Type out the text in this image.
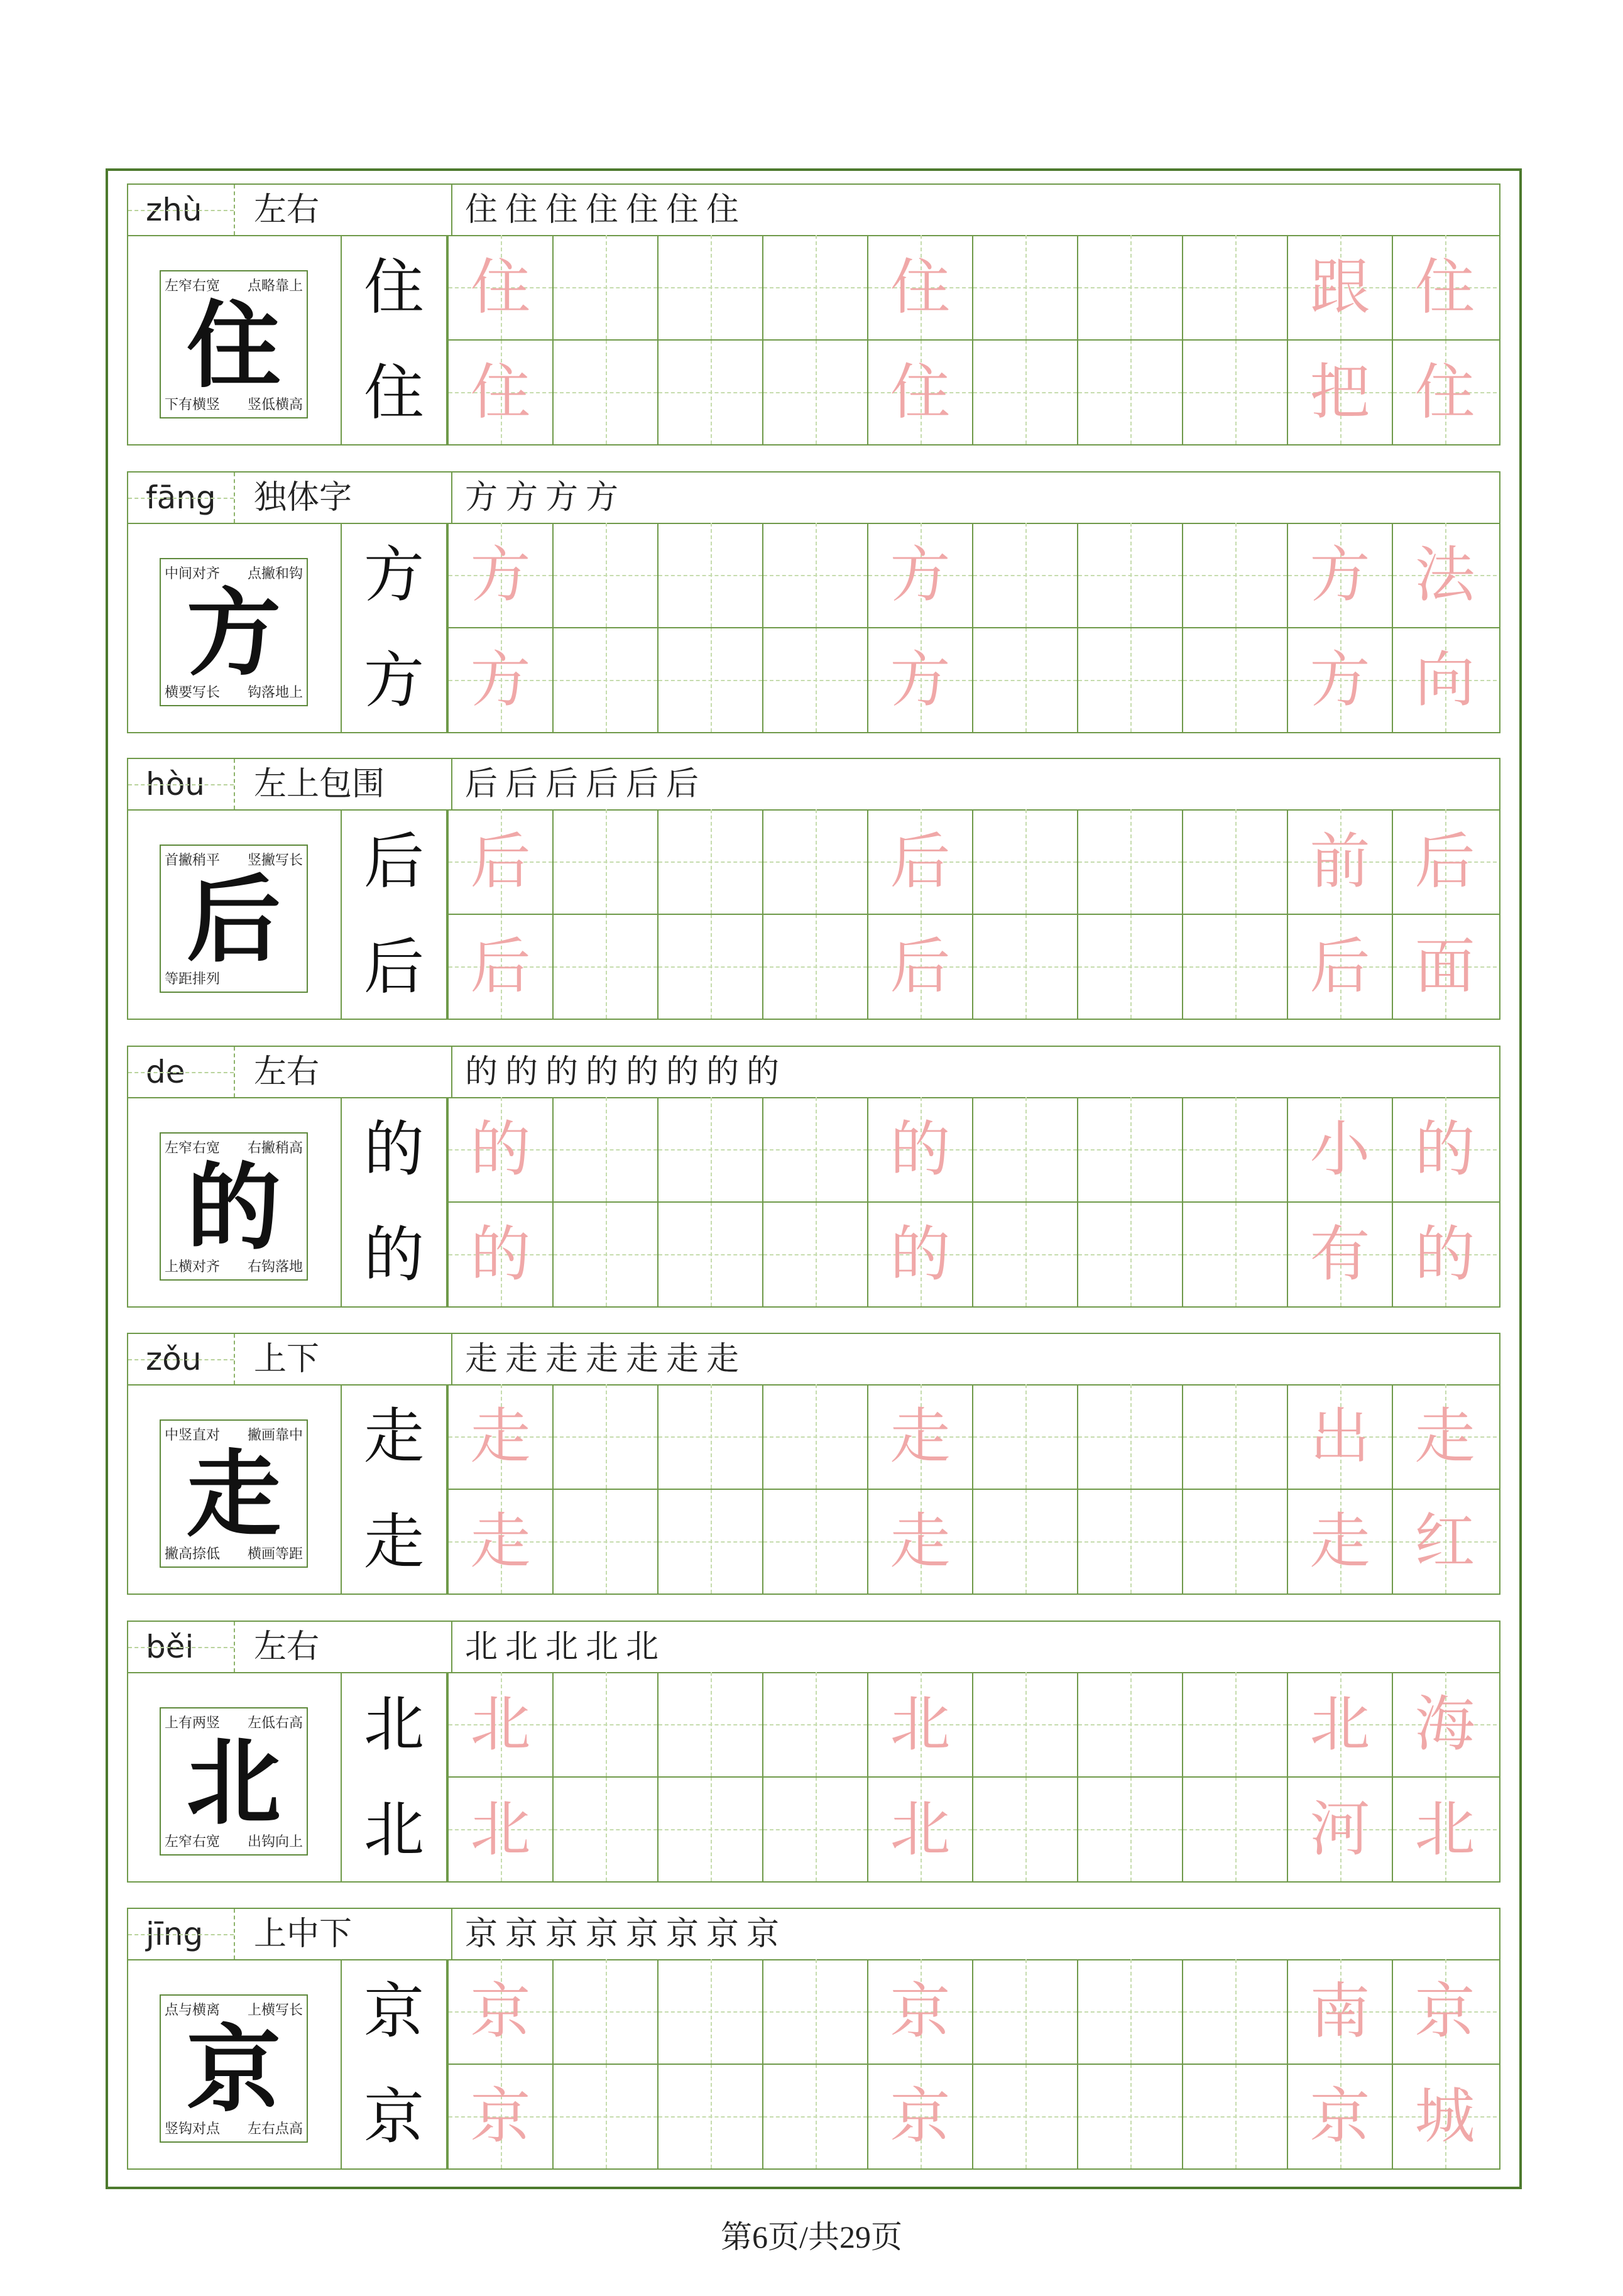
zhù	左右	住住住住住住住
左窄右宽 点略靠上
住
下有横竖 竖低横高
住
住
住	住	跟 住
住	住	把 住
fāng	独体字	方方方方
中间对齐 点撇和钩
方
横要写长 钩落地上
方
方
方	方	方 法
方	方	方 向
hòu	左上包围	后后后后后后
首撇稍平 竖撇写长
后
等距排列
后
后
后	后	前 后
后	后	后 面
de	左右	的的的的的的的的
左窄右宽 右撇稍高
的
上横对齐 右钩落地
的
的
的	的	小 的
的	的	有 的
zǒu	上下	走走走走走走走
中竖直对 撇画靠中
走
撇高捺低 横画等距
走
走
走	走	出 走
走	走	走 红
běi	左右	北北北北北
上有两竖 左低右高
北
左窄右宽 出钩向上
北
北
北	北	北 海
北	北	河 北
jīng	上中下	京京京京京京京京
点与横离 上横写长
京
竖钩对点 左右点高
京
京
京	京	南 京
京	京	京 城
第6页/共29页
